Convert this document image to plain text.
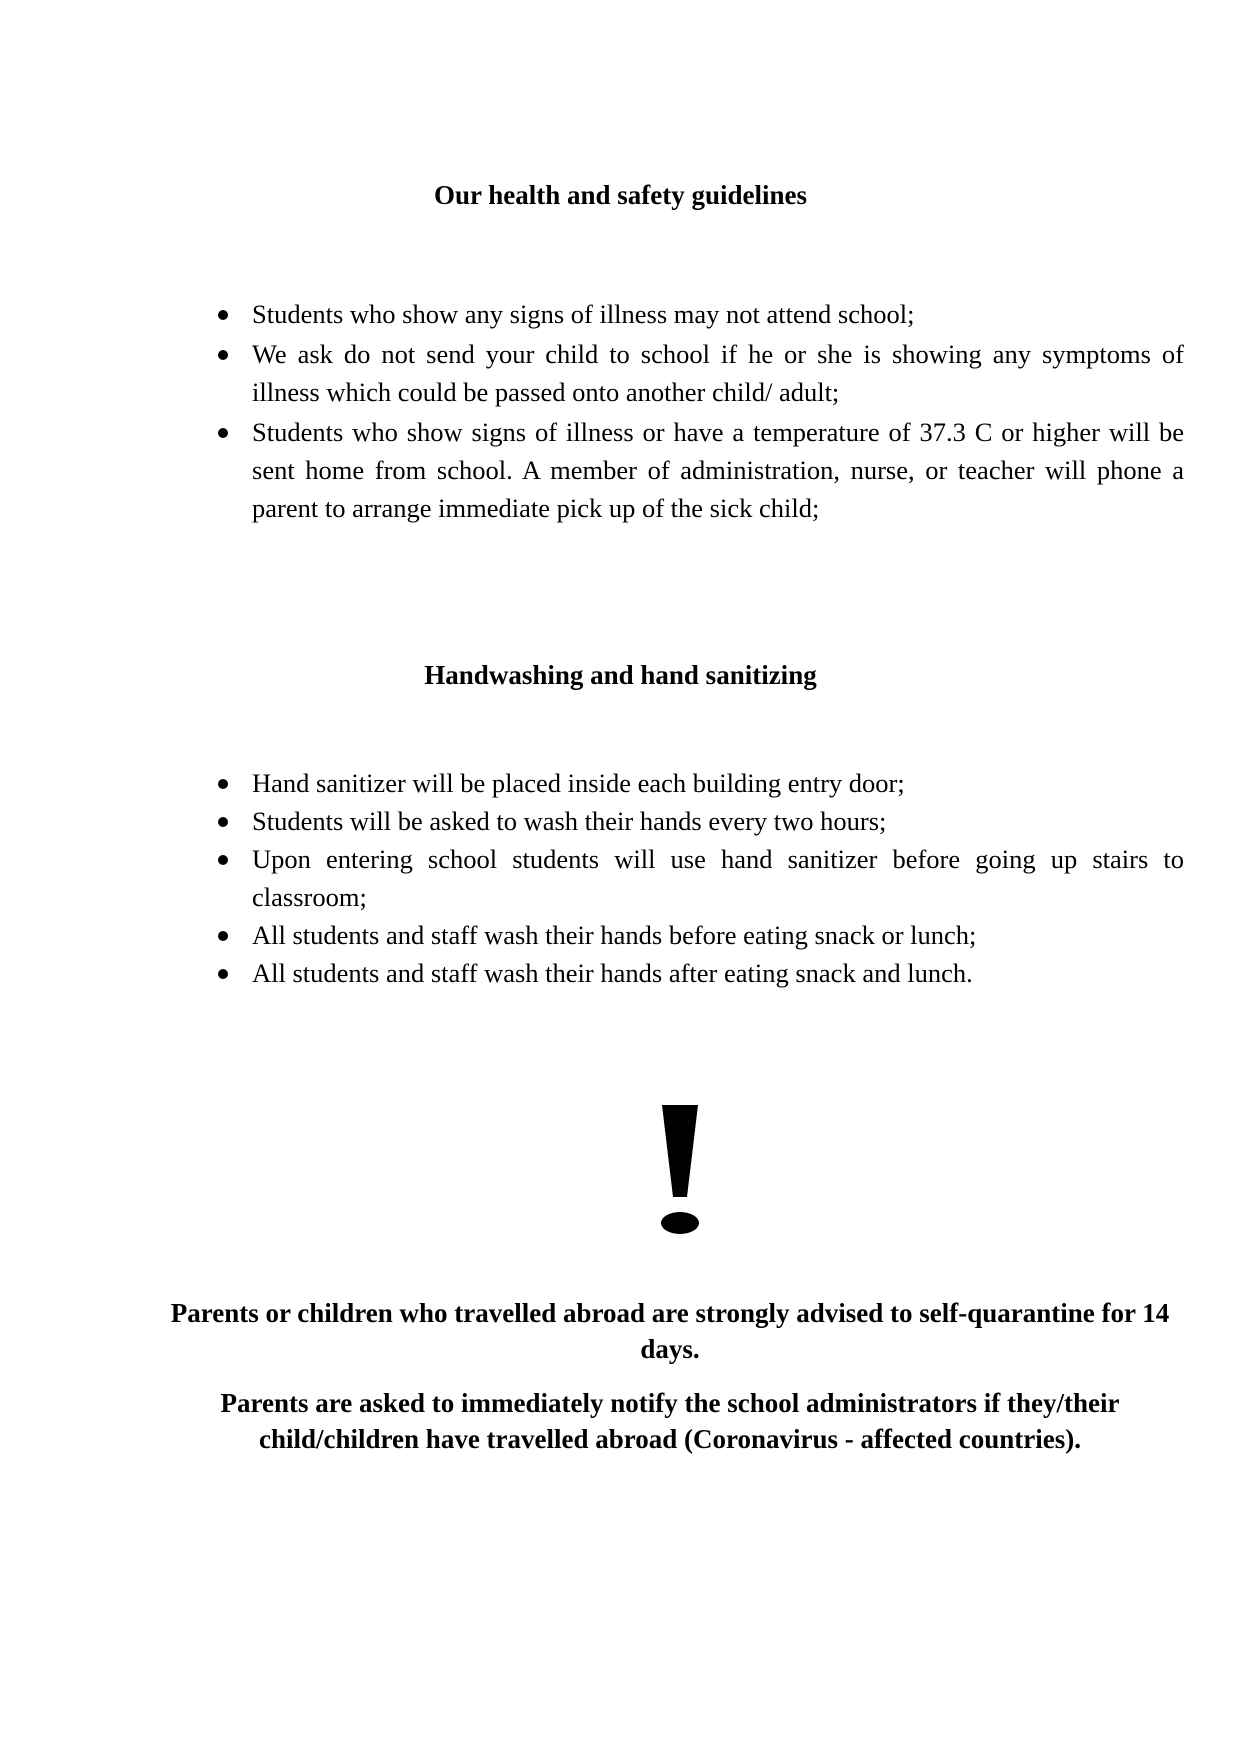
Our health and safety guidelines
Students who show any signs of illness may not attend school;
We ask do not send your child to school if he or she is showing any symptoms of illness which could be passed onto another child/ adult;
Students who show signs of illness or have a temperature of 37.3 C or higher will be sent home from school. A member of administration, nurse, or teacher will phone a parent to arrange immediate pick up of the sick child;
Handwashing and hand sanitizing
Hand sanitizer will be placed inside each building entry door;
Students will be asked to wash their hands every two hours;
Upon entering school students will use hand sanitizer before going up stairs to classroom;
All students and staff wash their hands before eating snack or lunch;
All students and staff wash their hands after eating snack and lunch.

Parents or children who travelled abroad are strongly advised to self-quarantine for 14 days.

Parents are asked to immediately notify the school administrators if they/their child/children have travelled abroad (Coronavirus - affected countries).
